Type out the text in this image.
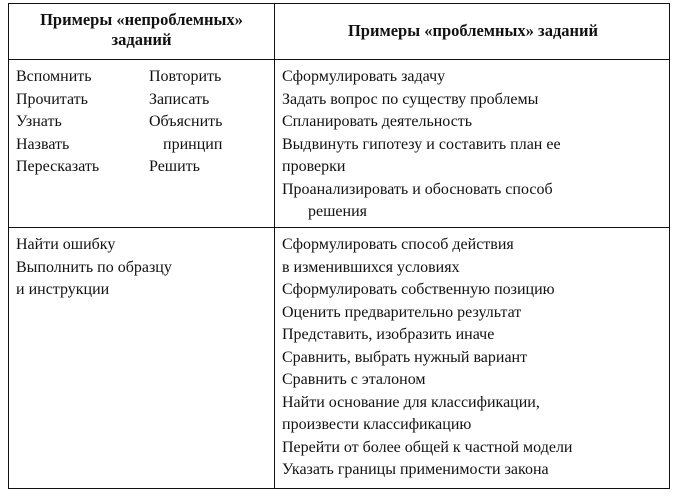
Примеры «непроблемных»
заданий	Примеры «проблемных» заданий
Вспомнить
Прочитать
Узнать
Назвать
Пересказать
Повторить
Записать
Объяснить
принцип
Решить
Сформулировать задачу
Задать вопрос по существу проблемы
Спланировать деятельность
Выдвинуть гипотезу и составить план ее
проверки
Проанализировать и обосновать способ
решения
Найти ошибку
Выполнить по образцу
и инструкции
Сформулировать способ действия
в изменившихся условиях
Сформулировать собственную позицию
Оценить предварительно результат
Представить, изобразить иначе
Сравнить, выбрать нужный вариант
Сравнить с эталоном
Найти основание для классификации,
произвести классификацию
Перейти от более общей к частной модели
Указать границы применимости закона
